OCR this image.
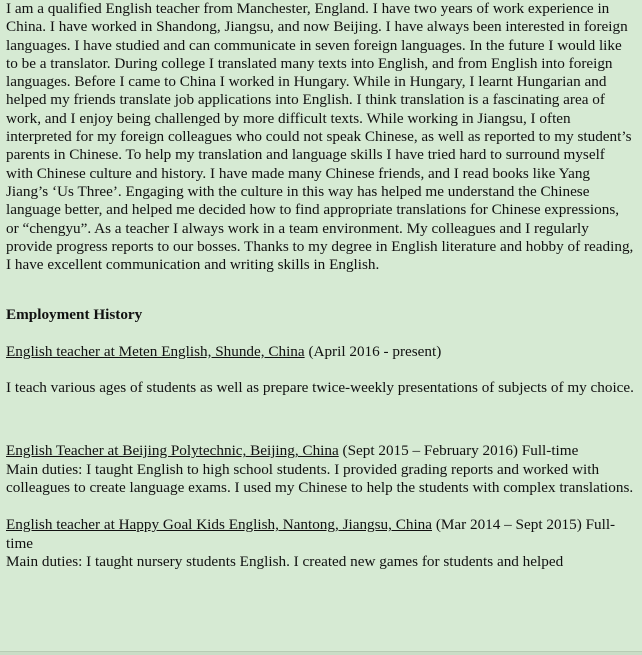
I am a qualified English teacher from Manchester, England. I have two years of work experience in China. I have worked in Shandong, Jiangsu, and now Beijing. I have always been interested in foreign languages. I have studied and can communicate in seven foreign languages. In the future I would like to be a translator. During college I translated many texts into English, and from English into foreign languages. Before I came to China I worked in Hungary. While in Hungary, I learnt Hungarian and helped my friends translate job applications into English. I think translation is a fascinating area of work, and I enjoy being challenged by more difficult texts. While working in Jiangsu, I often interpreted for my foreign colleagues who could not speak Chinese, as well as reported to my student’s parents in Chinese. To help my translation and language skills I have tried hard to surround myself with Chinese culture and history. I have made many Chinese friends, and I read books like Yang Jiang’s ‘Us Three’. Engaging with the culture in this way has helped me understand the Chinese language better, and helped me decided how to find appropriate translations for Chinese expressions, or “chengyu”. As a teacher I always work in a team environment. My colleagues and I regularly provide progress reports to our bosses. Thanks to my degree in English literature and hobby of reading, I have excellent communication and writing skills in English.

Employment History

English teacher at Meten English, Shunde, China (April 2016 - present)

I teach various ages of students as well as prepare twice-weekly presentations of subjects of my choice.

English Teacher at Beijing Polytechnic, Beijing, China (Sept 2015 – February 2016) Full-time

Main duties: I taught English to high school students. I provided grading reports and worked with colleagues to create language exams. I used my Chinese to help the students with complex translations.

English teacher at Happy Goal Kids English, Nantong, Jiangsu, China (Mar 2014 – Sept 2015) Full-time

Main duties: I taught nursery students English. I created new games for students and helped
